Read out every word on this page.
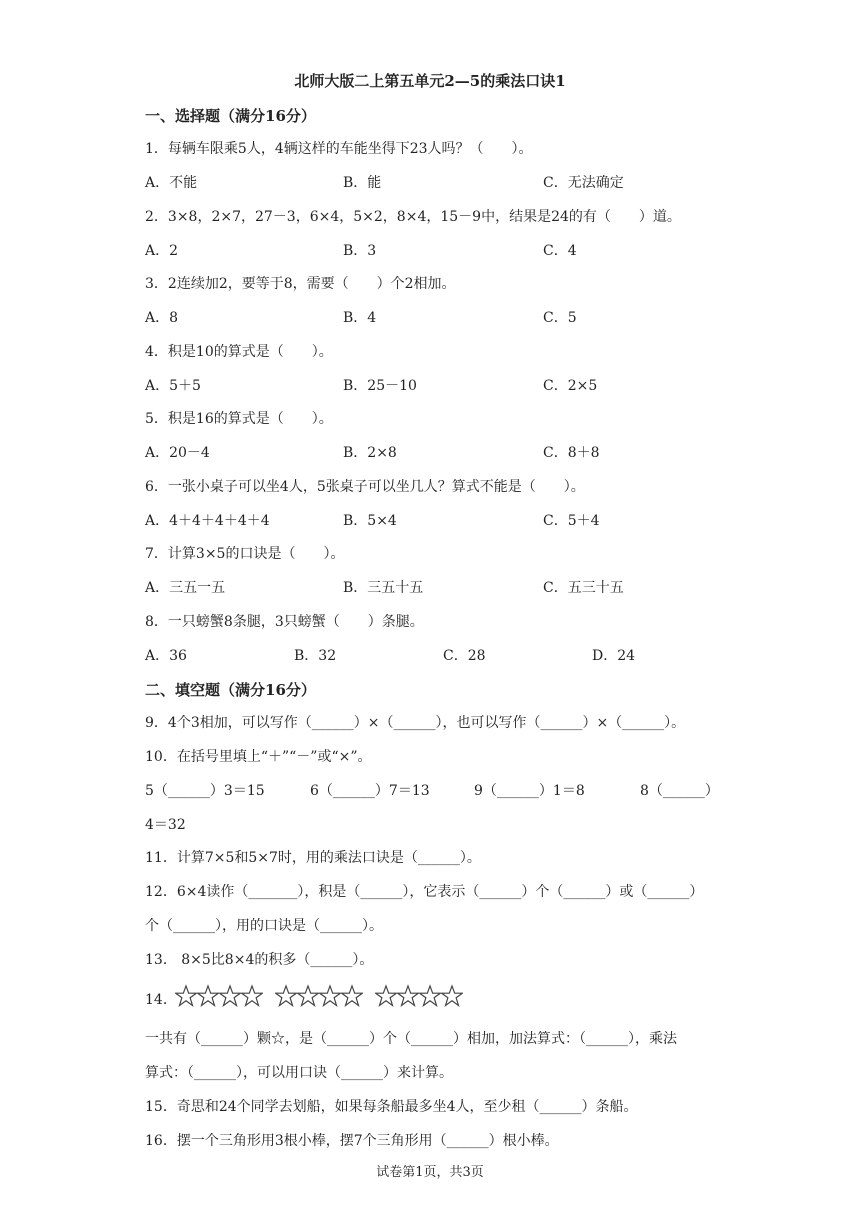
北师大版二上第五单元2—5的乘法口诀1
一、选择题（满分16分）
1．每辆车限乘5人，4辆这样的车能坐得下23人吗？（　　）。
A．不能	B．能	C．无法确定
2．3×8，2×7，27－3，6×4，5×2，8×4，15－9中，结果是24的有（　　）道。
A．2	B．3	C．4
3．2连续加2，要等于8，需要（　　）个2相加。
A．8	B．4	C．5
4．积是10的算式是（　　）。
A．5＋5	B．25－10	C．2×5
5．积是16的算式是（　　）。
A．20－4	B．2×8	C．8＋8
6．一张小桌子可以坐4人，5张桌子可以坐几人？算式不能是（　　）。
A．4＋4＋4＋4＋4	B．5×4	C．5＋4
7．计算3×5的口诀是（　　）。
A．三五一五	B．三五十五	C．五三十五
8．一只螃蟹8条腿，3只螃蟹（　　）条腿。
A．36	B．32	C．28	D．24
二、填空题（满分16分）
9．4个3相加，可以写作（______）×（______），也可以写作（______）×（______）。
10．在括号里填上“＋”“－”或“×”。
5（______）3＝15	6（______）7＝13	9（______）1＝8	8（______）
4＝32
11．计算7×5和5×7时，用的乘法口诀是（______）。
12．6×4读作（_______），积是（______），它表示（______）个（______）或（______）
个（______），用的口诀是（______）。
13． 8×5比8×4的积多（______）。
14．
一共有（______）颗☆，是（______）个（______）相加，加法算式：（______），乘法
算式：（______），可以用口诀（______）来计算。
15．奇思和24个同学去划船，如果每条船最多坐4人，至少租（______）条船。
16．摆一个三角形用3根小棒，摆7个三角形用（______）根小棒。
试卷第1页，共3页
